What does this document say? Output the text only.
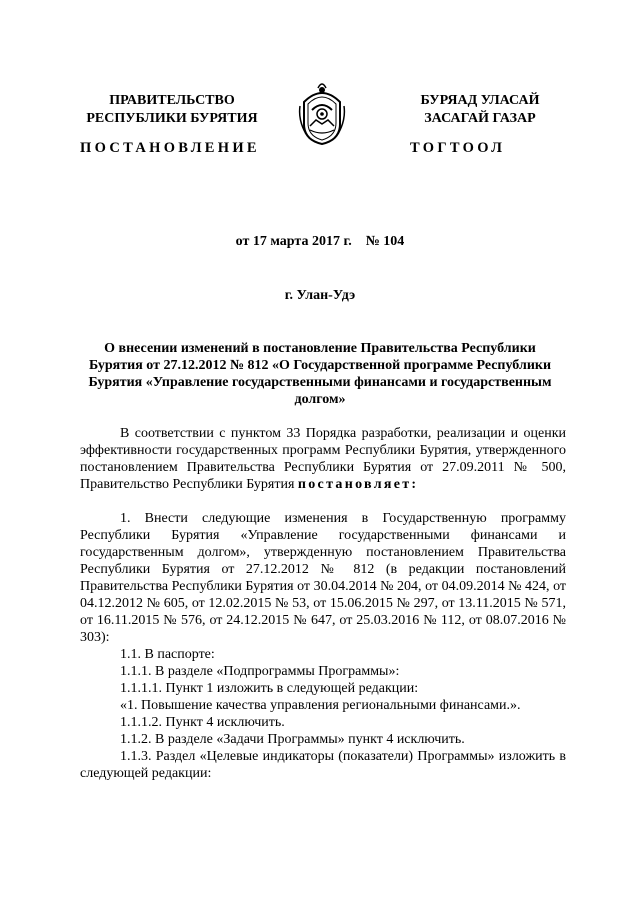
ПРАВИТЕЛЬСТВО
РЕСПУБЛИКИ БУРЯТИЯ
БУРЯАД УЛАСАЙ
ЗАСАГАЙ ГАЗАР
ПОСТАНОВЛЕНИЕ	ТОГТООЛ
от 17 марта 2017 г. № 104
г. Улан-Удэ
О внесении изменений в постановление Правительства Республики Бурятия от 27.12.2012 № 812 «О Государственной программе Республики Бурятия «Управление государственными финансами и государственным долгом»

В соответствии с пунктом 33 Порядка разработки, реализации и оценки эффективности государственных программ Республики Бурятия, утвержденного постановлением Правительства Республики Бурятия от 27.09.2011 № 500, Правительство Республики Бурятия постановляет:

1. Внести следующие изменения в Государственную программу Республики Бурятия «Управление государственными финансами и государственным долгом», утвержденную постановлением Правительства Республики Бурятия от 27.12.2012 № 812 (в редакции постановлений Правительства Республики Бурятия от 30.04.2014 № 204, от 04.09.2014 № 424, от 04.12.2012 № 605, от 12.02.2015 № 53, от 15.06.2015 № 297, от 13.11.2015 № 571, от 16.11.2015 № 576, от 24.12.2015 № 647, от 25.03.2016 № 112, от 08.07.2016 № 303):

1.1. В паспорте:

1.1.1. В разделе «Подпрограммы Программы»:

1.1.1.1. Пункт 1 изложить в следующей редакции:

«1. Повышение качества управления региональными финансами.».

1.1.1.2. Пункт 4 исключить.

1.1.2. В разделе «Задачи Программы» пункт 4 исключить.

1.1.3. Раздел «Целевые индикаторы (показатели) Программы» изложить в следующей редакции:
